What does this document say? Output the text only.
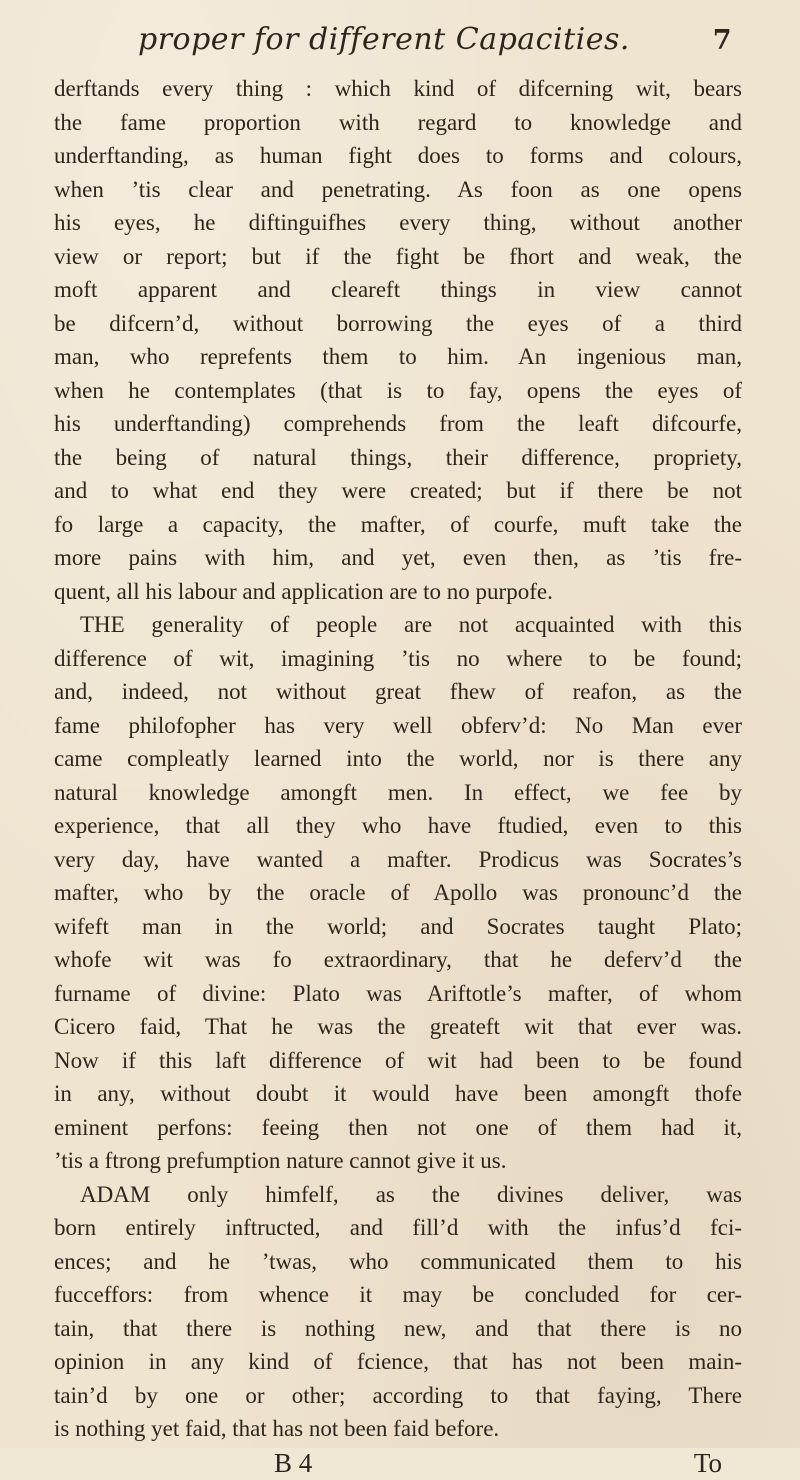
proper for different Capacities.	7
derftands every thing : which kind of difcerning wit, bears
the fame proportion with regard to knowledge and
underftanding, as human fight does to forms and colours,
when ’tis clear and penetrating. As foon as one opens
his eyes, he diftinguifhes every thing, without another
view or report; but if the fight be fhort and weak, the
moft apparent and cleareft things in view cannot
be difcern’d, without borrowing the eyes of a third
man, who reprefents them to him. An ingenious man,
when he contemplates (that is to fay, opens the eyes of
his underftanding) comprehends from the leaft difcourfe,
the being of natural things, their difference, propriety,
and to what end they were created; but if there be not
fo large a capacity, the mafter, of courfe, muft take the
more pains with him, and yet, even then, as ’tis fre-
quent, all his labour and application are to no purpofe.
THE generality of people are not acquainted with this
difference of wit, imagining ’tis no where to be found;
and, indeed, not without great fhew of reafon, as the
fame philofopher has very well obferv’d: No Man ever
came compleatly learned into the world, nor is there any
natural knowledge amongft men. In effect, we fee by
experience, that all they who have ftudied, even to this
very day, have wanted a mafter. Prodicus was Socrates’s
mafter, who by the oracle of Apollo was pronounc’d the
wifeft man in the world; and Socrates taught Plato;
whofe wit was fo extraordinary, that he deferv’d the
furname of divine: Plato was Ariftotle’s mafter, of whom
Cicero faid, That he was the greateft wit that ever was.
Now if this laft difference of wit had been to be found
in any, without doubt it would have been amongft thofe
eminent perfons: feeing then not one of them had it,
’tis a ftrong prefumption nature cannot give it us.
ADAM only himfelf, as the divines deliver, was
born entirely inftructed, and fill’d with the infus’d fci-
ences; and he ’twas, who communicated them to his
fucceffors: from whence it may be concluded for cer-
tain, that there is nothing new, and that there is no
opinion in any kind of fcience, that has not been main-
tain’d by one or other; according to that faying, There
is nothing yet faid, that has not been faid before.
B 4	To
